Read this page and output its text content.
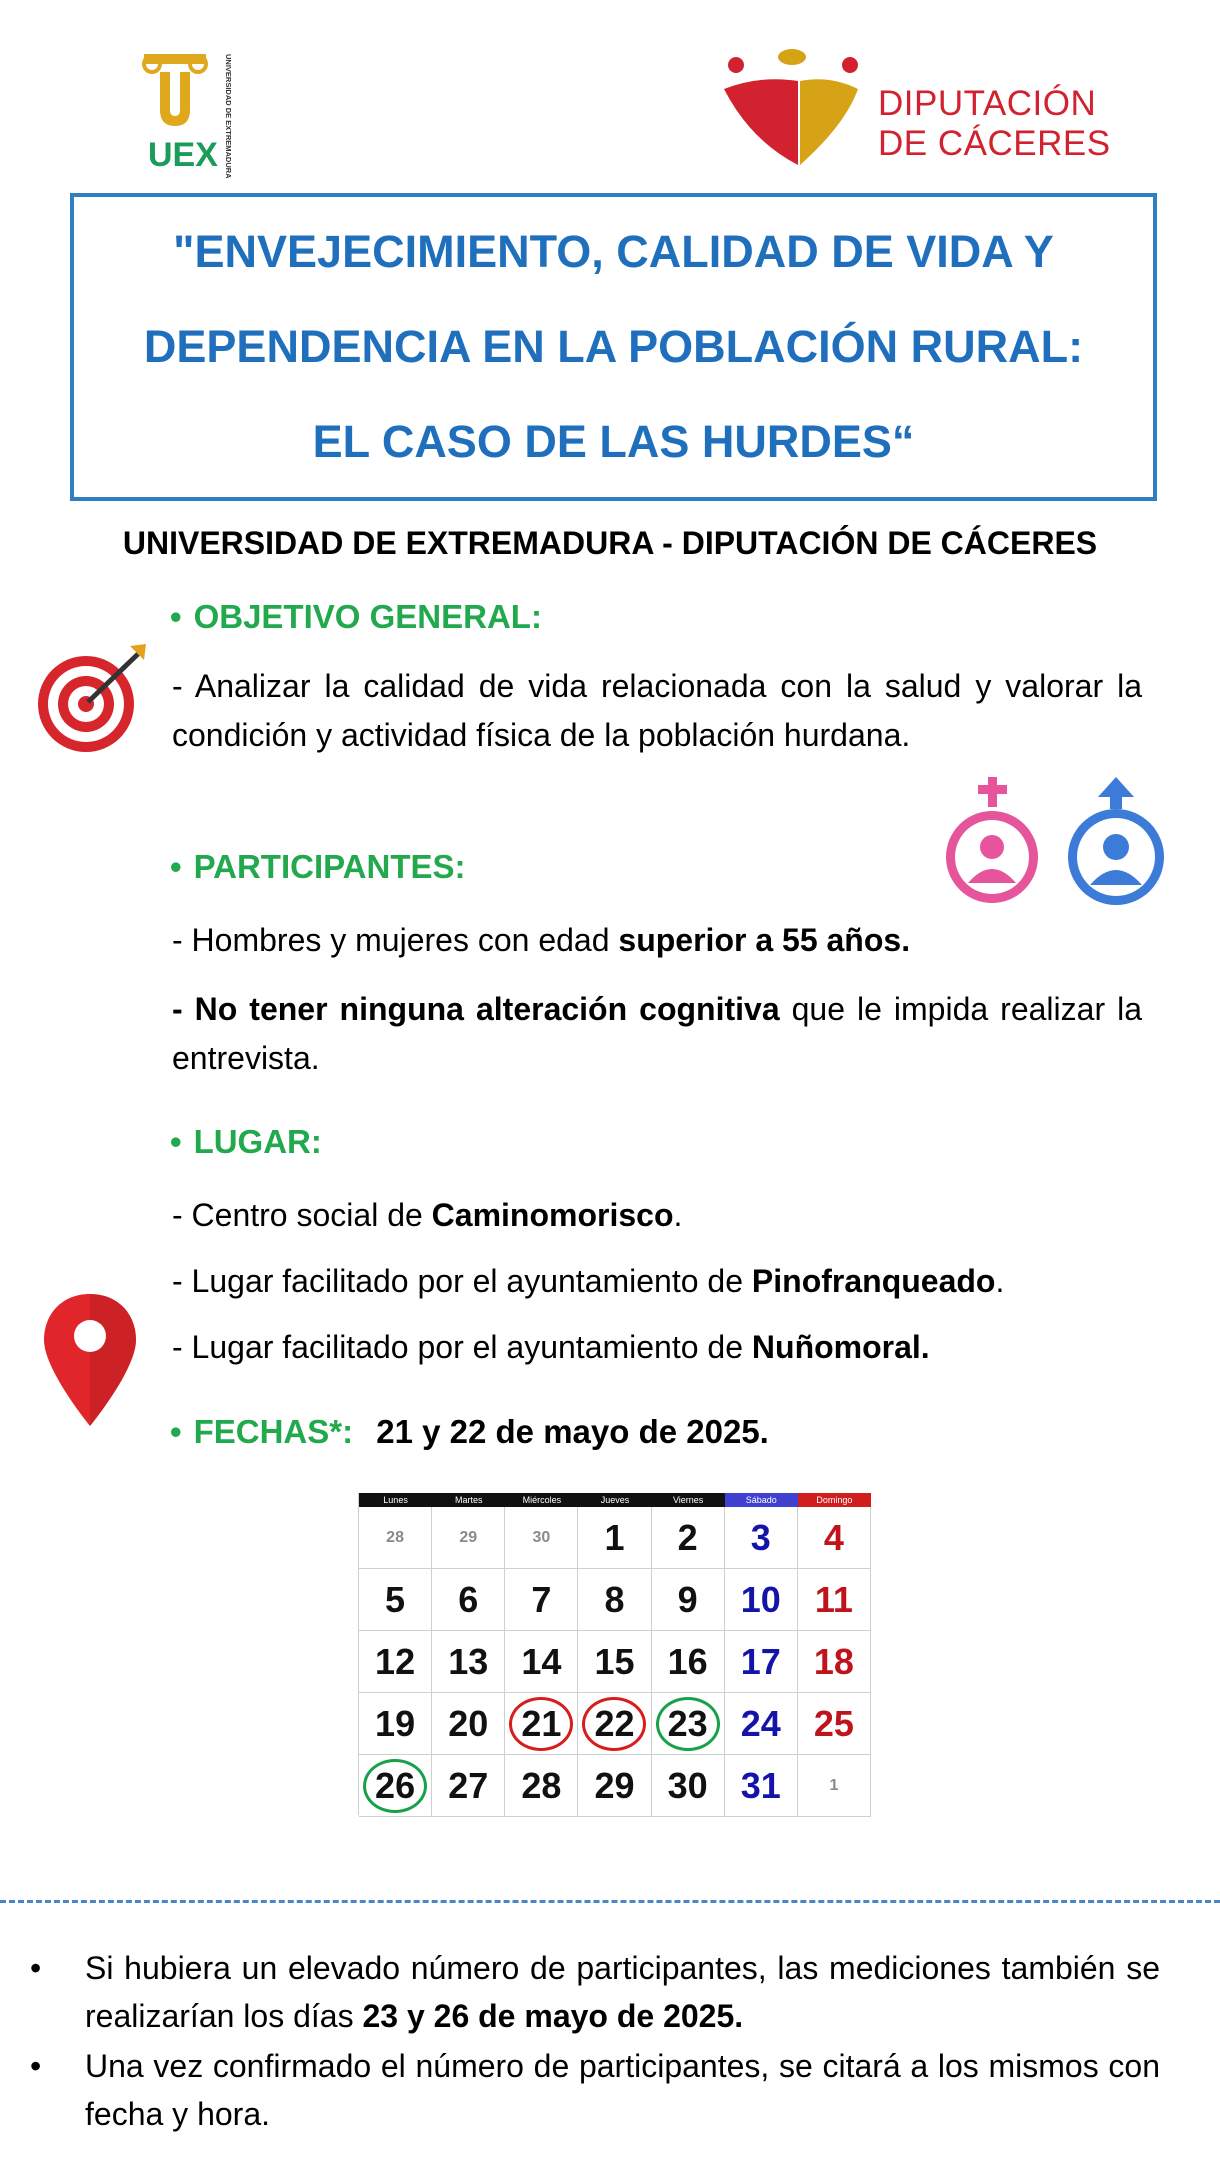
UEX UNIVERSIDAD DE EXTREMADURA	DIPUTACIÓN
DE CÁCERES
"ENVEJECIMIENTO, CALIDAD DE VIDA Y
DEPENDENCIA EN LA POBLACIÓN RURAL:
EL CASO DE LAS HURDES“
UNIVERSIDAD DE EXTREMADURA - DIPUTACIÓN DE CÁCERES
• OBJETIVO GENERAL:
- Analizar la calidad de vida relacionada con la salud y valorar la condición y actividad física de la población hurdana.
• PARTICIPANTES:
- Hombres y mujeres con edad superior a 55 años.
- No tener ninguna alteración cognitiva que le impida realizar la entrevista.
• LUGAR:
- Centro social de Caminomorisco.
- Lugar facilitado por el ayuntamiento de Pinofranqueado.
- Lugar facilitado por el ayuntamiento de Nuñomoral.
• FECHAS*: 21 y 22 de mayo de 2025.
Lunes	Martes	Miércoles	Jueves	Viernes	Sábado	Domingo
28	29	30 1 2 3 4
5 6 7 8 9 10 11
12 13 14 15 16 17 18
19 20 21 22 23 24 25
26 27 28 29 30 31	1
• Si hubiera un elevado número de participantes, las mediciones también se realizarían los días 23 y 26 de mayo de 2025.
• Una vez confirmado el número de participantes, se citará a los mismos con fecha y hora.
